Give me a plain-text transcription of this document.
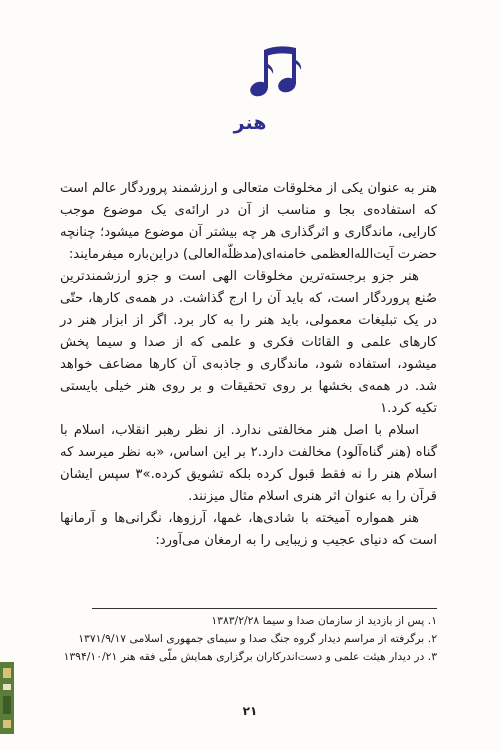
هنر

هنر به عنوان یکی از مخلوقات متعالی و ارزشمند پروردگار عالم است که استفاده‌ی بجا و مناسب از آن در ارائه‌ی یک موضوع موجب کارایی، ماندگاری و اثرگذاری هر چه بیشتر آن موضوع میشود؛ چنانچه حضرت آیت‌الله‌العظمی خامنه‌ای(مدظلّه‌العالی) دراین‌باره میفرمایند:

هنر جزو برجسته‌ترین مخلوقات الهی است و جزو ارزشمندترین صُنع پروردگار است، که باید آن را ارج گذاشت. در همه‌ی کارها، حتّی در یک تبلیغات معمولی، باید هنر را به کار برد. اگر از ابزار هنر در کارهای علمی و القائات فکری و علمی که از صدا و سیما پخش میشود، استفاده شود، ماندگاری و جاذبه‌ی آن کارها مضاعف خواهد شد. در همه‌ی بخشها بر روی تحقیقات و بر روی هنر خیلی بایستی تکیه کرد.۱

اسلام با اصل هنر مخالفتی ندارد. از نظر رهبر انقلاب، اسلام با گناه (هنر گناه‌آلود) مخالفت دارد.۲ بر این اساس، «به نظر میرسد که اسلام هنر را نه فقط قبول کرده بلکه تشویق کرده.»۳ سپس ایشان قرآن را به عنوان اثر هنری اسلام مثال میزنند.

هنر همواره آمیخته با شادی‌ها، غمها، آرزوها، نگرانی‌ها و آرمانها است که دنیای عجیب و زیبایی را به ارمغان می‌آورد:

۱. پس از بازدید از سازمان صدا و سیما ۱۳۸۳/۲/۲۸
۲. برگرفته از مراسم دیدار گروه جنگ صدا و سیمای جمهوری اسلامی ۱۳۷۱/۹/۱۷
۳. در دیدار هیئت علمی و دست‌اندرکاران برگزاری همایش ملّی فقه هنر ۱۳۹۴/۱۰/۲۱
۲۱
